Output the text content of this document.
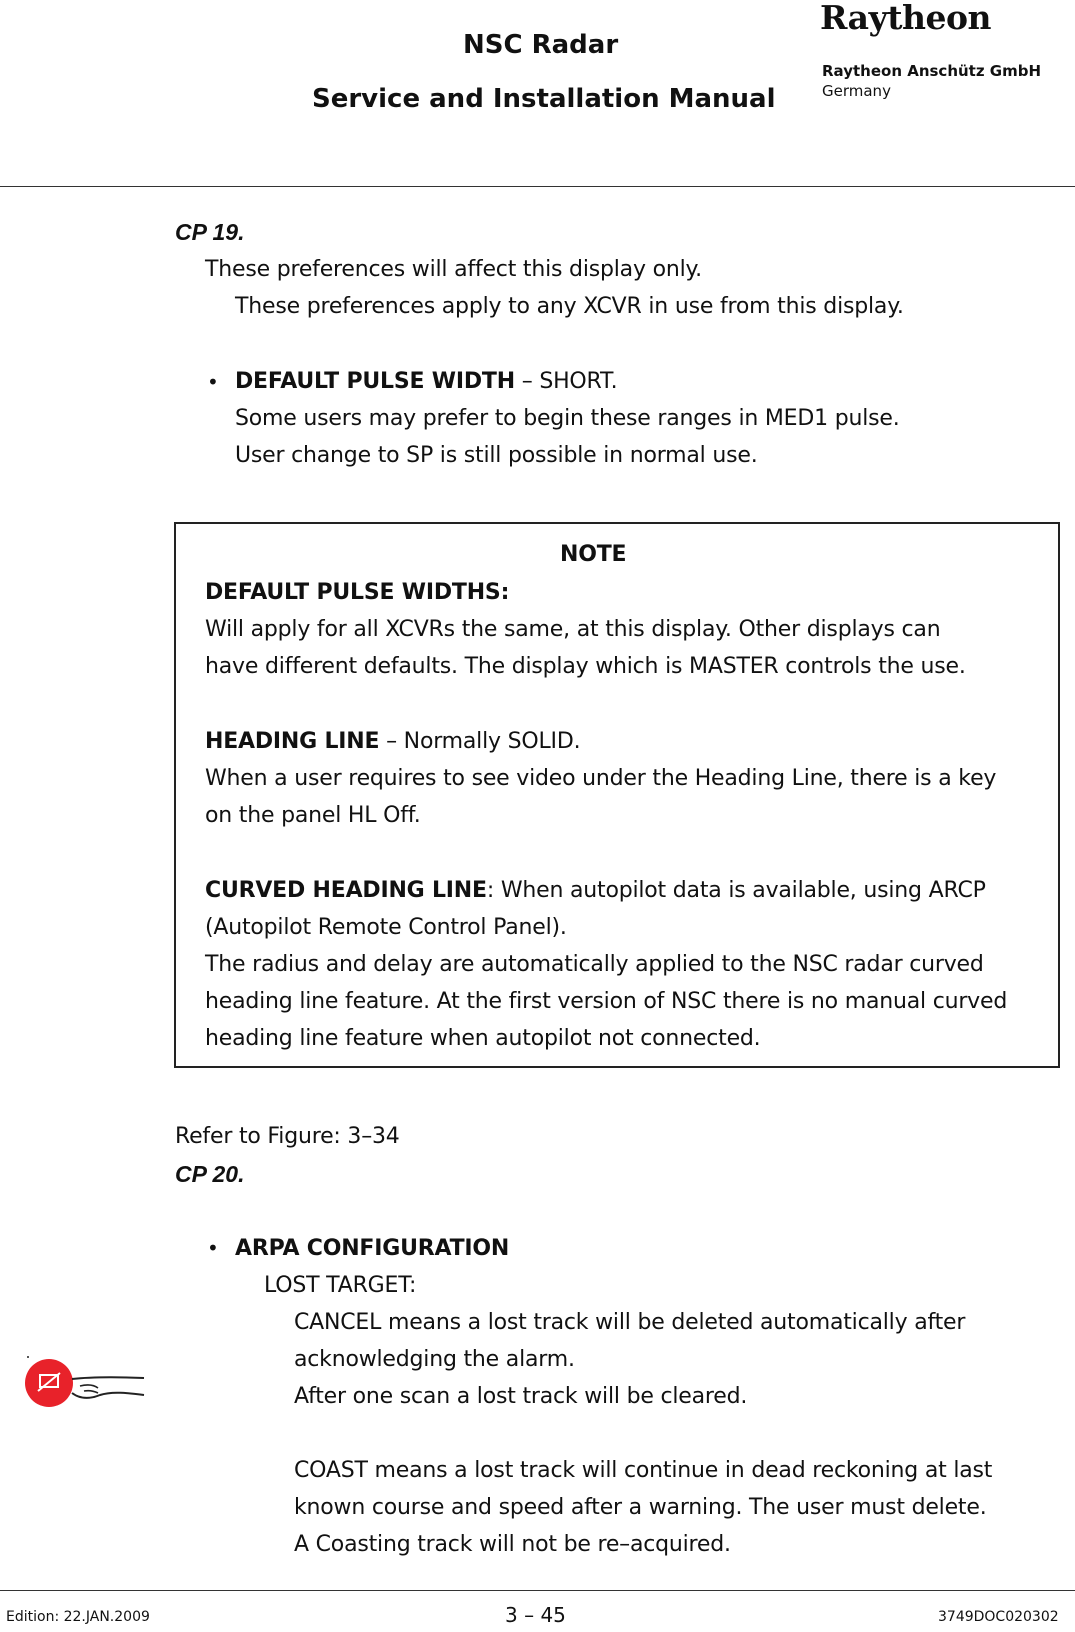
NSC Radar
Service and Installation Manual
Raytheon
Raytheon Anschütz GmbH
Germany
CP 19.
These preferences will affect this display only.
These preferences apply to any XCVR in use from this display.
• DEFAULT PULSE WIDTH – SHORT.
Some users may prefer to begin these ranges in MED1 pulse.
User change to SP is still possible in normal use.
NOTE
DEFAULT PULSE WIDTHS:
Will apply for all XCVRs the same, at this display. Other displays can
have different defaults. The display which is MASTER controls the use.
HEADING LINE – Normally SOLID.
When a user requires to see video under the Heading Line, there is a key
on the panel HL Off.
CURVED HEADING LINE: When autopilot data is available, using ARCP
(Autopilot Remote Control Panel).
The radius and delay are automatically applied to the NSC radar curved
heading line feature. At the first version of NSC there is no manual curved
heading line feature when autopilot not connected.
Refer to Figure: 3–34
CP 20.
• ARPA CONFIGURATION
LOST TARGET:
CANCEL means a lost track will be deleted automatically after
acknowledging the alarm.
After one scan a lost track will be cleared.
COAST means a lost track will continue in dead reckoning at last
known course and speed after a warning. The user must delete.
A Coasting track will not be re–acquired.
Edition: 22.JAN.2009	3 – 45	3749DOC020302
